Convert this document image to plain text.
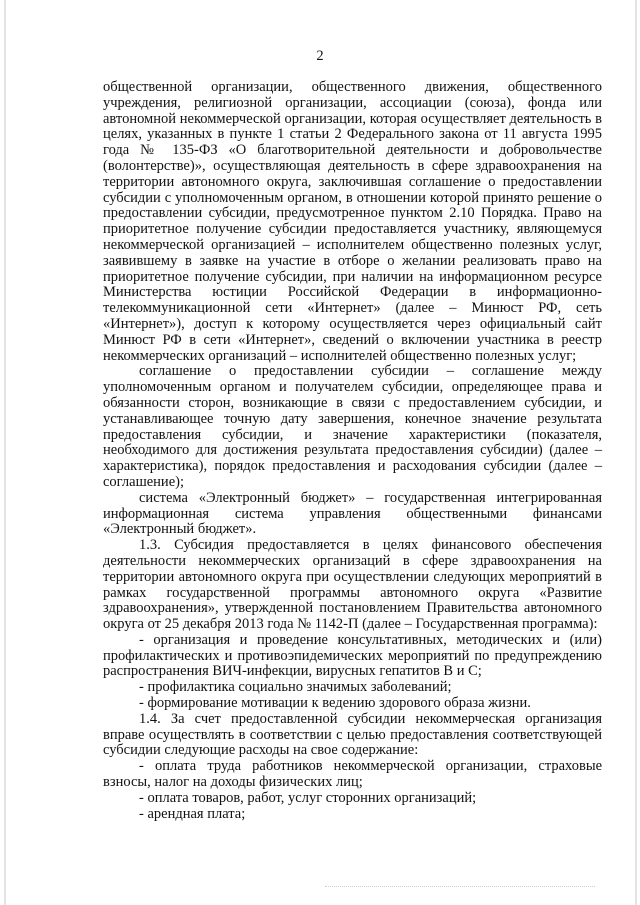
2

общественной организации, общественного движения, общественного учреждения, религиозной организации, ассоциации (союза), фонда или автономной некоммерческой организации, которая осуществляет деятельность в целях, указанных в пункте 1 статьи 2 Федерального закона от 11 августа 1995 года № 135-ФЗ «О благотворительной деятельности и добровольчестве (волонтерстве)», осуществляющая деятельность в сфере здравоохранения на территории автономного округа, заключившая соглашение о предоставлении субсидии с уполномоченным органом, в отношении которой принято решение о предоставлении субсидии, предусмотренное пунктом 2.10 Порядка. Право на приоритетное получение субсидии предоставляется участнику, являющемуся некоммерческой организацией – исполнителем общественно полезных услуг, заявившему в заявке на участие в отборе о желании реализовать право на приоритетное получение субсидии, при наличии на информационном ресурсе Министерства юстиции Российской Федерации в информационно-телекоммуникационной сети «Интернет» (далее – Минюст РФ, сеть «Интернет»), доступ к которому осуществляется через официальный сайт Минюст РФ в сети «Интернет», сведений о включении участника в реестр некоммерческих организаций – исполнителей общественно полезных услуг;

соглашение о предоставлении субсидии – соглашение между уполномоченным органом и получателем субсидии, определяющее права и обязанности сторон, возникающие в связи с предоставлением субсидии, и устанавливающее точную дату завершения, конечное значение результата предоставления субсидии, и значение характеристики (показателя, необходимого для достижения результата предоставления субсидии) (далее – характеристика), порядок предоставления и расходования субсидии (далее – соглашение);

система «Электронный бюджет» – государственная интегрированная информационная система управления общественными финансами «Электронный бюджет».

1.3. Субсидия предоставляется в целях финансового обеспечения деятельности некоммерческих организаций в сфере здравоохранения на территории автономного округа при осуществлении следующих мероприятий в рамках государственной программы автономного округа «Развитие здравоохранения», утвержденной постановлением Правительства автономного округа от 25 декабря 2013 года № 1142-П (далее – Государственная программа):

- организация и проведение консультативных, методических и (или) профилактических и противоэпидемических мероприятий по предупреждению распространения ВИЧ-инфекции, вирусных гепатитов В и С;

- профилактика социально значимых заболеваний;

- формирование мотивации к ведению здорового образа жизни.

1.4. За счет предоставленной субсидии некоммерческая организация вправе осуществлять в соответствии с целью предоставления соответствующей субсидии следующие расходы на свое содержание:

- оплата труда работников некоммерческой организации, страховые взносы, налог на доходы физических лиц;

- оплата товаров, работ, услуг сторонних организаций;

- арендная плата;
